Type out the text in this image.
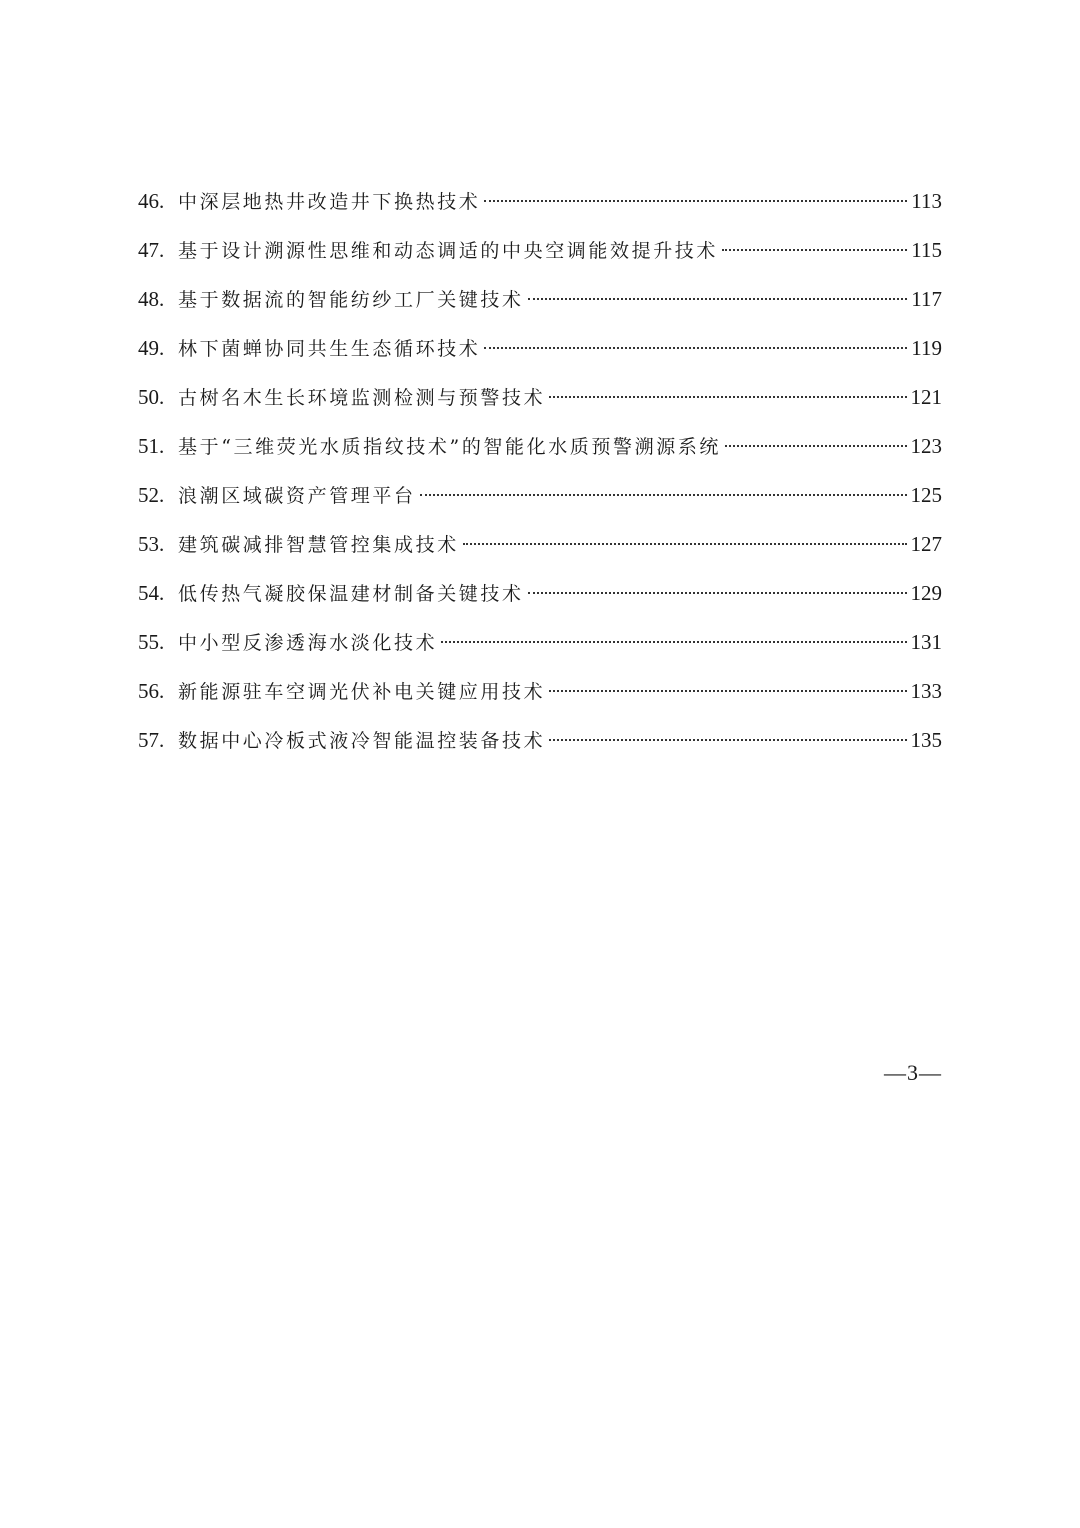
46. 中深层地热井改造井下换热技术	113
47. 基于设计溯源性思维和动态调适的中央空调能效提升技术	115
48. 基于数据流的智能纺纱工厂关键技术	117
49. 林下菌蝉协同共生生态循环技术	119
50. 古树名木生长环境监测检测与预警技术	121
51. 基于“三维荧光水质指纹技术”的智能化水质预警溯源系统	123
52. 浪潮区域碳资产管理平台	125
53. 建筑碳减排智慧管控集成技术	127
54. 低传热气凝胶保温建材制备关键技术	129
55. 中小型反渗透海水淡化技术	131
56. 新能源驻车空调光伏补电关键应用技术	133
57. 数据中心冷板式液冷智能温控装备技术	135
—3—
